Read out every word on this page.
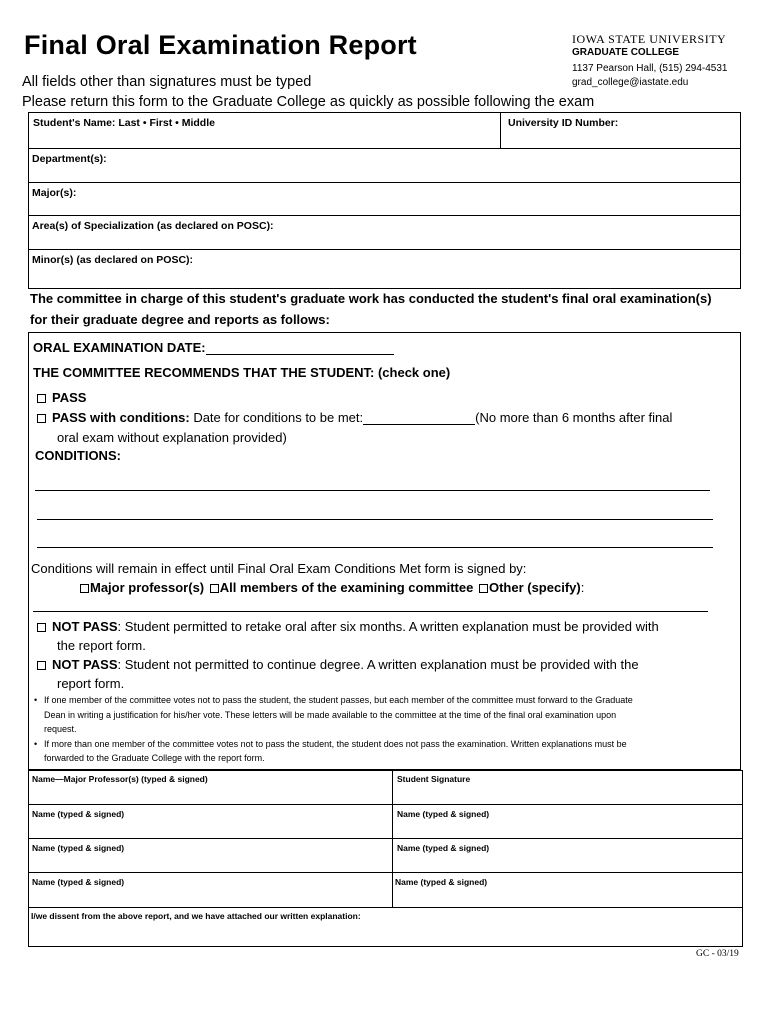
Final Oral Examination Report
All fields other than signatures must be typed
Please return this form to the Graduate College as quickly as possible following the exam
IOWA STATE UNIVERSITY
GRADUATE COLLEGE
1137 Pearson Hall, (515) 294-4531
grad_college@iastate.edu
Student's Name: Last • First • Middle	University ID Number:
Department(s):
Major(s):
Area(s) of Specialization (as declared on POSC):
Minor(s) (as declared on POSC):
The committee in charge of this student's graduate work has conducted the student's final oral examination(s)
for their graduate degree and reports as follows:
ORAL EXAMINATION DATE:
THE COMMITTEE RECOMMENDS THAT THE STUDENT: (check one)
PASS
PASS with conditions: Date for conditions to be met:	(No more than 6 months after final
oral exam without explanation provided)
CONDITIONS:
Conditions will remain in effect until Final Oral Exam Conditions Met form is signed by:
Major professor(s) All members of the examining committee Other (specify):
NOT PASS: Student permitted to retake oral after six months. A written explanation must be provided with
the report form.
NOT PASS: Student not permitted to continue degree. A written explanation must be provided with the
report form.
• If one member of the committee votes not to pass the student, the student passes, but each member of the committee must forward to the Graduate
Dean in writing a justification for his/her vote. These letters will be made available to the committee at the time of the final oral examination upon
request.
• If more than one member of the committee votes not to pass the student, the student does not pass the examination. Written explanations must be
forwarded to the Graduate College with the report form.
Name—Major Professor(s) (typed & signed)	Student Signature
Name (typed & signed)	Name (typed & signed)
Name (typed & signed)	Name (typed & signed)
Name (typed & signed)	Name (typed & signed)
I/we dissent from the above report, and we have attached our written explanation:
GC - 03/19
